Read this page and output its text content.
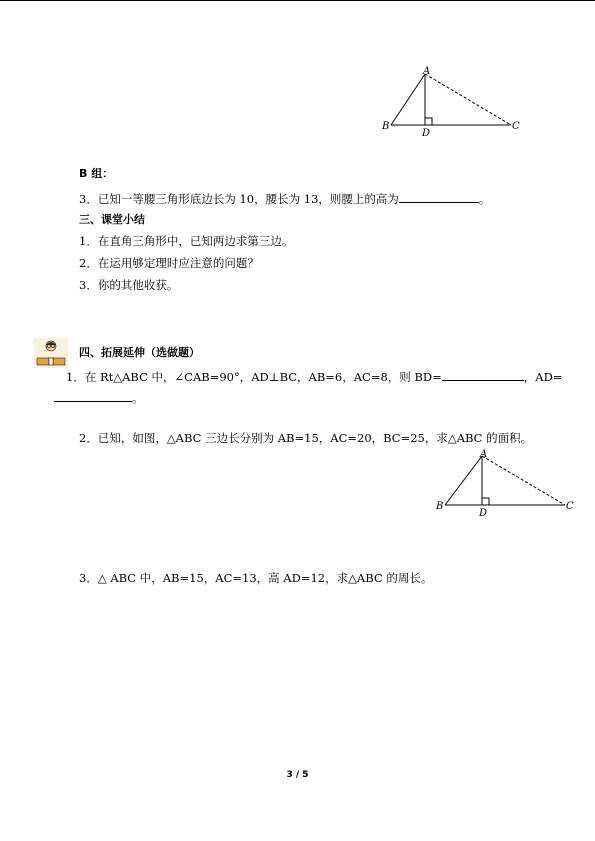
A
B	C
D
B 组：
3．已知一等腰三角形底边长为 10，腰长为 13，则腰上的高为	。
三、课堂小结
1．在直角三角形中，已知两边求第三边。
2．在运用够定理时应注意的问题？
3．你的其他收获。
四、拓展延伸（选做题）
1．在 Rt△ABC 中，∠CAB=90°，AD⊥BC，AB=6，AC=8，则 BD=	，AD=
。
2．已知，如图，△ABC 三边长分别为 AB=15，AC=20，BC=25，求△ABC 的面积。
A
B	C
D
3．△ ABC 中，AB=15，AC=13，高 AD=12，求△ABC 的周长。
3 / 5
